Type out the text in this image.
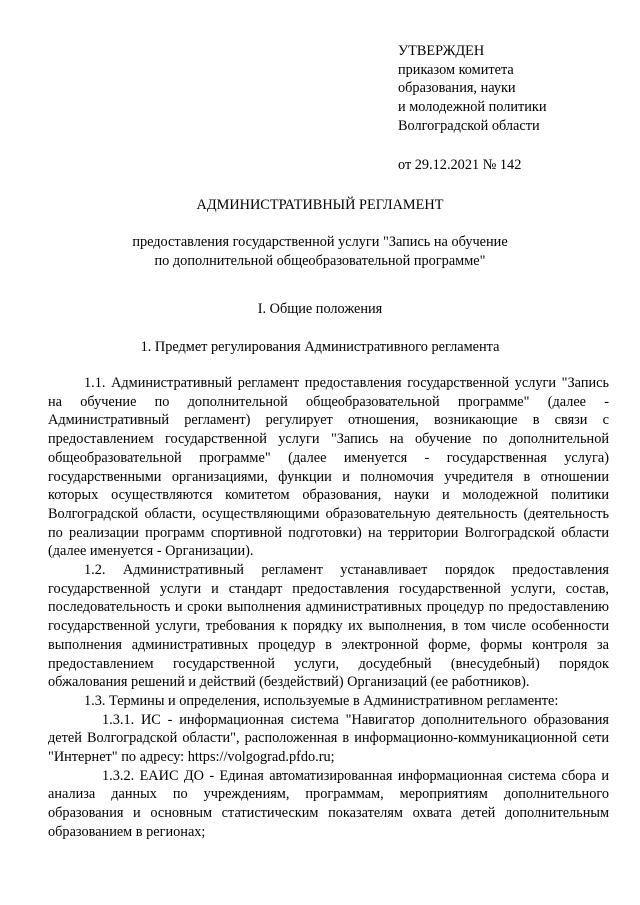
УТВЕРЖДЕН
приказом комитета
образования, науки
и молодежной политики
Волгоградской области
от 29.12.2021 № 142
АДМИНИСТРАТИВНЫЙ РЕГЛАМЕНТ
предоставления государственной услуги "Запись на обучение
по дополнительной общеобразовательной программе"
I. Общие положения
1. Предмет регулирования Административного регламента

1.1. Административный регламент предоставления государственной услуги "Запись на обучение по дополнительной общеобразовательной программе" (далее - Административный регламент) регулирует отношения, возникающие в связи с предоставлением государственной услуги "Запись на обучение по дополнительной общеобразовательной программе" (далее именуется - государственная услуга) государственными организациями, функции и полномочия учредителя в отношении которых осуществляются комитетом образования, науки и молодежной политики Волгоградской области, осуществляющими образовательную деятельность (деятельность по реализации программ спортивной подготовки) на территории Волгоградской области (далее именуется - Организации).

1.2. Административный регламент устанавливает порядок предоставления государственной услуги и стандарт предоставления государственной услуги, состав, последовательность и сроки выполнения административных процедур по предоставлению государственной услуги, требования к порядку их выполнения, в том числе особенности выполнения административных процедур в электронной форме, формы контроля за предоставлением государственной услуги, досудебный (внесудебный) порядок обжалования решений и действий (бездействий) Организаций (ее работников).

1.3. Термины и определения, используемые в Административном регламенте:

1.3.1. ИС - информационная система "Навигатор дополнительного образования детей Волгоградской области", расположенная в информационно-коммуникационной сети "Интернет" по адресу: https://volgograd.pfdo.ru;

1.3.2. ЕАИС ДО - Единая автоматизированная информационная система сбора и анализа данных по учреждениям, программам, мероприятиям дополнительного образования и основным статистическим показателям охвата детей дополнительным образованием в регионах;
